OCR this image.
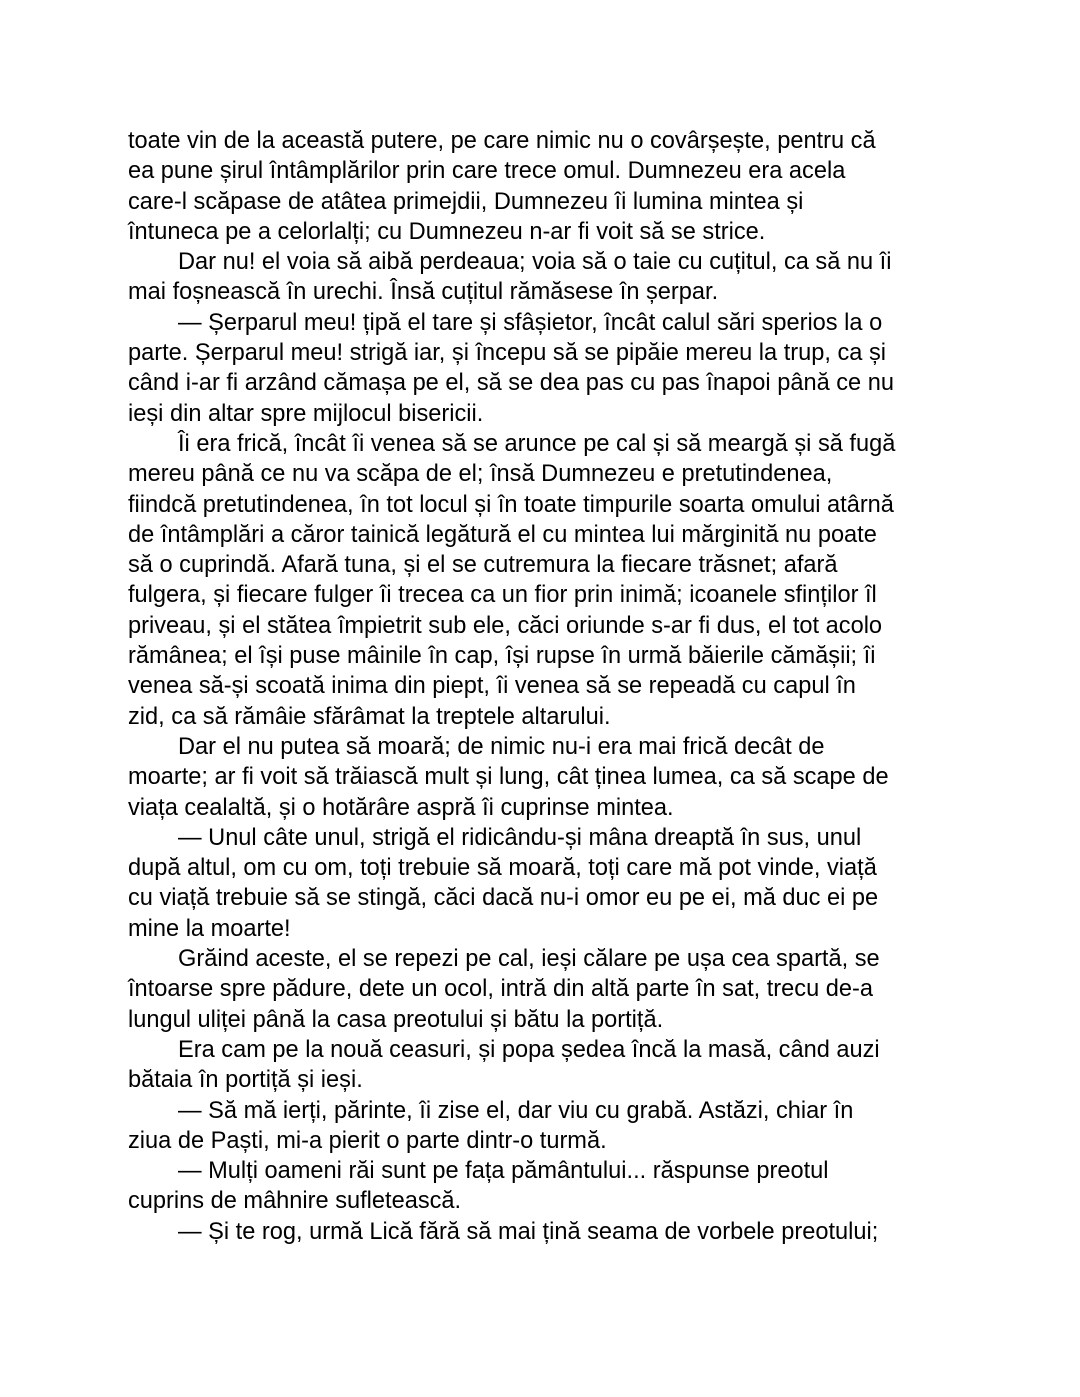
toate vin de la această putere, pe care nimic nu o covârșește, pentru că
ea pune șirul întâmplărilor prin care trece omul. Dumnezeu era acela
care-l scăpase de atâtea primejdii, Dumnezeu îi lumina mintea și
întuneca pe a celorlalți; cu Dumnezeu n-ar fi voit să se strice.
Dar nu! el voia să aibă perdeaua; voia să o taie cu cuțitul, ca să nu îi
mai foșnească în urechi. Însă cuțitul rămăsese în șerpar.
— Șerparul meu! țipă el tare și sfâșietor, încât calul sări sperios la o
parte. Șerparul meu! strigă iar, și începu să se pipăie mereu la trup, ca și
când i-ar fi arzând cămașa pe el, să se dea pas cu pas înapoi până ce nu
ieși din altar spre mijlocul bisericii.
Îi era frică, încât îi venea să se arunce pe cal și să meargă și să fugă
mereu până ce nu va scăpa de el; însă Dumnezeu e pretutindenea,
fiindcă pretutindenea, în tot locul și în toate timpurile soarta omului atârnă
de întâmplări a căror tainică legătură el cu mintea lui mărginită nu poate
să o cuprindă. Afară tuna, și el se cutremura la fiecare trăsnet; afară
fulgera, și fiecare fulger îi trecea ca un fior prin inimă; icoanele sfinților îl
priveau, și el stătea împietrit sub ele, căci oriunde s-ar fi dus, el tot acolo
rămânea; el își puse mâinile în cap, își rupse în urmă băierile cămășii; îi
venea să-și scoată inima din piept, îi venea să se repeadă cu capul în
zid, ca să rămâie sfărâmat la treptele altarului.
Dar el nu putea să moară; de nimic nu-i era mai frică decât de
moarte; ar fi voit să trăiască mult și lung, cât ținea lumea, ca să scape de
viața cealaltă, și o hotărâre aspră îi cuprinse mintea.
— Unul câte unul, strigă el ridicându-și mâna dreaptă în sus, unul
după altul, om cu om, toți trebuie să moară, toți care mă pot vinde, viață
cu viață trebuie să se stingă, căci dacă nu-i omor eu pe ei, mă duc ei pe
mine la moarte!
Grăind aceste, el se repezi pe cal, ieși călare pe ușa cea spartă, se
întoarse spre pădure, dete un ocol, intră din altă parte în sat, trecu de-a
lungul uliței până la casa preotului și bătu la portiță.
Era cam pe la nouă ceasuri, și popa ședea încă la masă, când auzi
bătaia în portiță și ieși.
— Să mă ierți, părinte, îi zise el, dar viu cu grabă. Astăzi, chiar în
ziua de Paști, mi-a pierit o parte dintr-o turmă.
— Mulți oameni răi sunt pe fața pământului... răspunse preotul
cuprins de mâhnire sufletească.
— Și te rog, urmă Lică fără să mai țină seama de vorbele preotului;
